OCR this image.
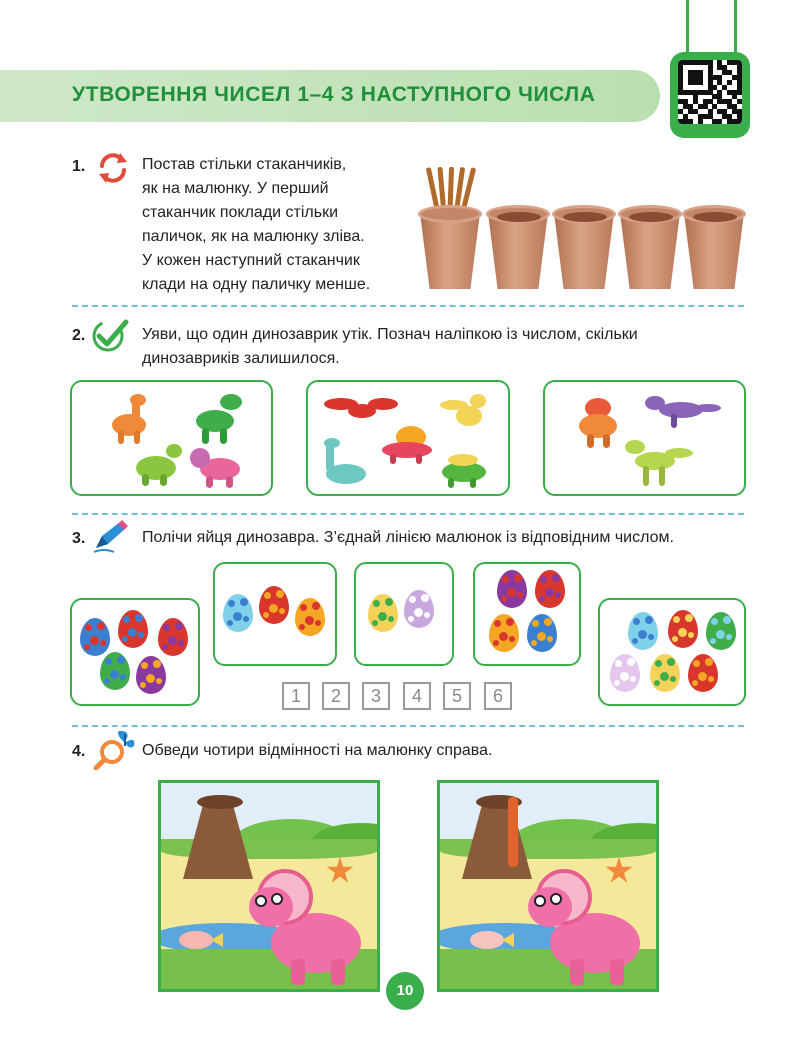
УТВОРЕННЯ ЧИСЕЛ 1–4 З НАСТУПНОГО ЧИСЛА
1.	Постав стільки стаканчиків,
як на малюнку. У перший
стаканчик поклади стільки
паличок, як на малюнку зліва.
У кожен наступний стаканчик
клади на одну паличку менше.
2.	Уяви, що один динозаврик утік. Познач наліпкою із числом, скільки
динозавриків залишилося.
3.	Полічи яйця динозавра. З’єднай лінією малюнок із відповідним числом.
1	2	3	4	5	6
4.	Обведи чотири відмінності на малюнку справа.
10
